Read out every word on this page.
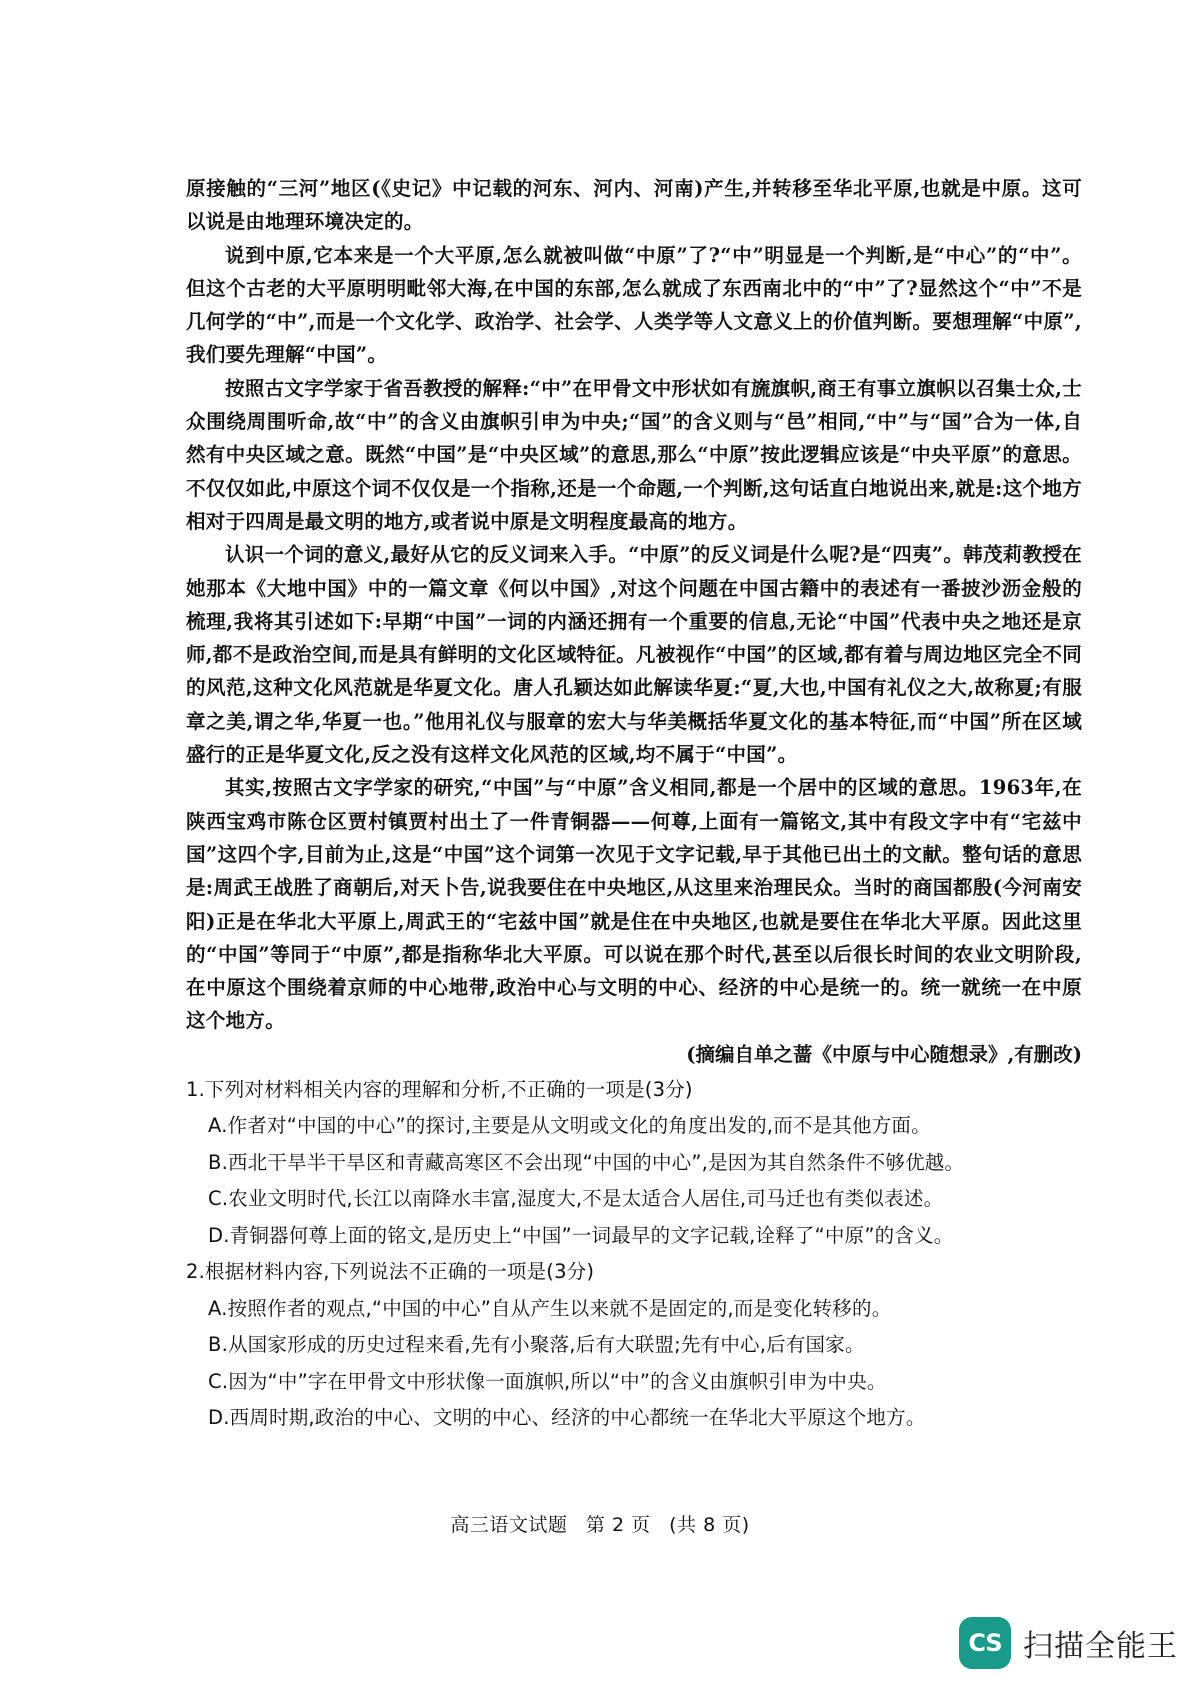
原接触的“三河”地区(《史记》中记载的河东、河内、河南)产生,并转移至华北平原,也就是中原。这可以说是由地理环境决定的。

说到中原,它本来是一个大平原,怎么就被叫做“中原”了?“中”明显是一个判断,是“中心”的“中”。但这个古老的大平原明明毗邻大海,在中国的东部,怎么就成了东西南北中的“中”了?显然这个“中”不是几何学的“中”,而是一个文化学、政治学、社会学、人类学等人文意义上的价值判断。要想理解“中原”,我们要先理解“中国”。

按照古文字学家于省吾教授的解释:“中”在甲骨文中形状如有旒旗帜,商王有事立旗帜以召集士众,士众围绕周围听命,故“中”的含义由旗帜引申为中央;“国”的含义则与“邑”相同,“中”与“国”合为一体,自然有中央区域之意。既然“中国”是“中央区域”的意思,那么“中原”按此逻辑应该是“中央平原”的意思。不仅仅如此,中原这个词不仅仅是一个指称,还是一个命题,一个判断,这句话直白地说出来,就是:这个地方相对于四周是最文明的地方,或者说中原是文明程度最高的地方。

认识一个词的意义,最好从它的反义词来入手。“中原”的反义词是什么呢?是“四夷”。韩茂莉教授在她那本《大地中国》中的一篇文章《何以中国》,对这个问题在中国古籍中的表述有一番披沙沥金般的梳理,我将其引述如下:早期“中国”一词的内涵还拥有一个重要的信息,无论“中国”代表中央之地还是京师,都不是政治空间,而是具有鲜明的文化区域特征。凡被视作“中国”的区域,都有着与周边地区完全不同的风范,这种文化风范就是华夏文化。唐人孔颖达如此解读华夏:“夏,大也,中国有礼仪之大,故称夏;有服章之美,谓之华,华夏一也。”他用礼仪与服章的宏大与华美概括华夏文化的基本特征,而“中国”所在区域盛行的正是华夏文化,反之没有这样文化风范的区域,均不属于“中国”。

其实,按照古文字学家的研究,“中国”与“中原”含义相同,都是一个居中的区域的意思。1963年,在陕西宝鸡市陈仓区贾村镇贾村出土了一件青铜器——何尊,上面有一篇铭文,其中有段文字中有“宅兹中国”这四个字,目前为止,这是“中国”这个词第一次见于文字记载,早于其他已出土的文献。整句话的意思是:周武王战胜了商朝后,对天卜告,说我要住在中央地区,从这里来治理民众。当时的商国都殷(今河南安阳)正是在华北大平原上,周武王的“宅兹中国”就是住在中央地区,也就是要住在华北大平原。因此这里的“中国”等同于“中原”,都是指称华北大平原。可以说在那个时代,甚至以后很长时间的农业文明阶段,在中原这个围绕着京师的中心地带,政治中心与文明的中心、经济的中心是统一的。统一就统一在中原这个地方。

(摘编自单之蔷《中原与中心随想录》,有删改)

1.下列对材料相关内容的理解和分析,不正确的一项是(3分)

A.作者对“中国的中心”的探讨,主要是从文明或文化的角度出发的,而不是其他方面。

B.西北干旱半干旱区和青藏高寒区不会出现“中国的中心”,是因为其自然条件不够优越。

C.农业文明时代,长江以南降水丰富,湿度大,不是太适合人居住,司马迁也有类似表述。

D.青铜器何尊上面的铭文,是历史上“中国”一词最早的文字记载,诠释了“中原”的含义。

2.根据材料内容,下列说法不正确的一项是(3分)

A.按照作者的观点,“中国的中心”自从产生以来就不是固定的,而是变化转移的。

B.从国家形成的历史过程来看,先有小聚落,后有大联盟;先有中心,后有国家。

C.因为“中”字在甲骨文中形状像一面旗帜,所以“中”的含义由旗帜引申为中央。

D.西周时期,政治的中心、文明的中心、经济的中心都统一在华北大平原这个地方。

高三语文试题 第 2 页 (共 8 页)
CS 扫描全能王
